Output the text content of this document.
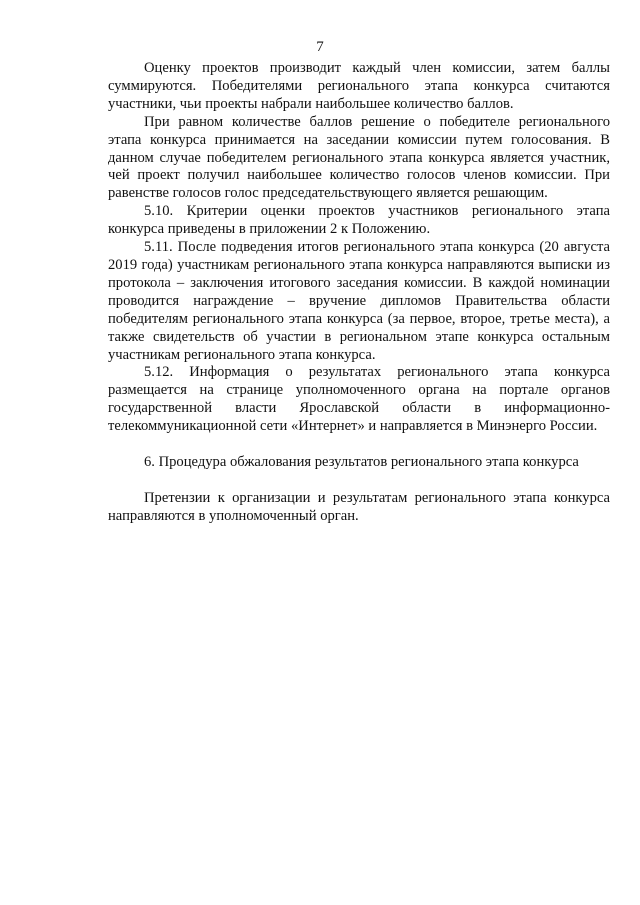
7

Оценку проектов производит каждый член комиссии, затем баллы суммируются. Победителями регионального этапа конкурса считаются участники, чьи проекты набрали наибольшее количество баллов.

При равном количестве баллов решение о победителе регионального этапа конкурса принимается на заседании комиссии путем голосования. В данном случае победителем регионального этапа конкурса является участник, чей проект получил наибольшее количество голосов членов комиссии. При равенстве голосов голос председательствующего является решающим.

5.10. Критерии оценки проектов участников регионального этапа конкурса приведены в приложении 2 к Положению.

5.11. После подведения итогов регионального этапа конкурса (20 августа 2019 года) участникам регионального этапа конкурса направляются выписки из протокола – заключения итогового заседания комиссии. В каждой номинации проводится награждение – вручение дипломов Правительства области победителям регионального этапа конкурса (за первое, второе, третье места), а также свидетельств об участии в региональном этапе конкурса остальным участникам регионального этапа конкурса.

5.12. Информация о результатах регионального этапа конкурса размещается на странице уполномоченного органа на портале органов государственной власти Ярославской области в информационно-телекоммуникационной сети «Интернет» и направляется в Минэнерго России.

6. Процедура обжалования результатов регионального этапа конкурса

Претензии к организации и результатам регионального этапа конкурса направляются в уполномоченный орган.
